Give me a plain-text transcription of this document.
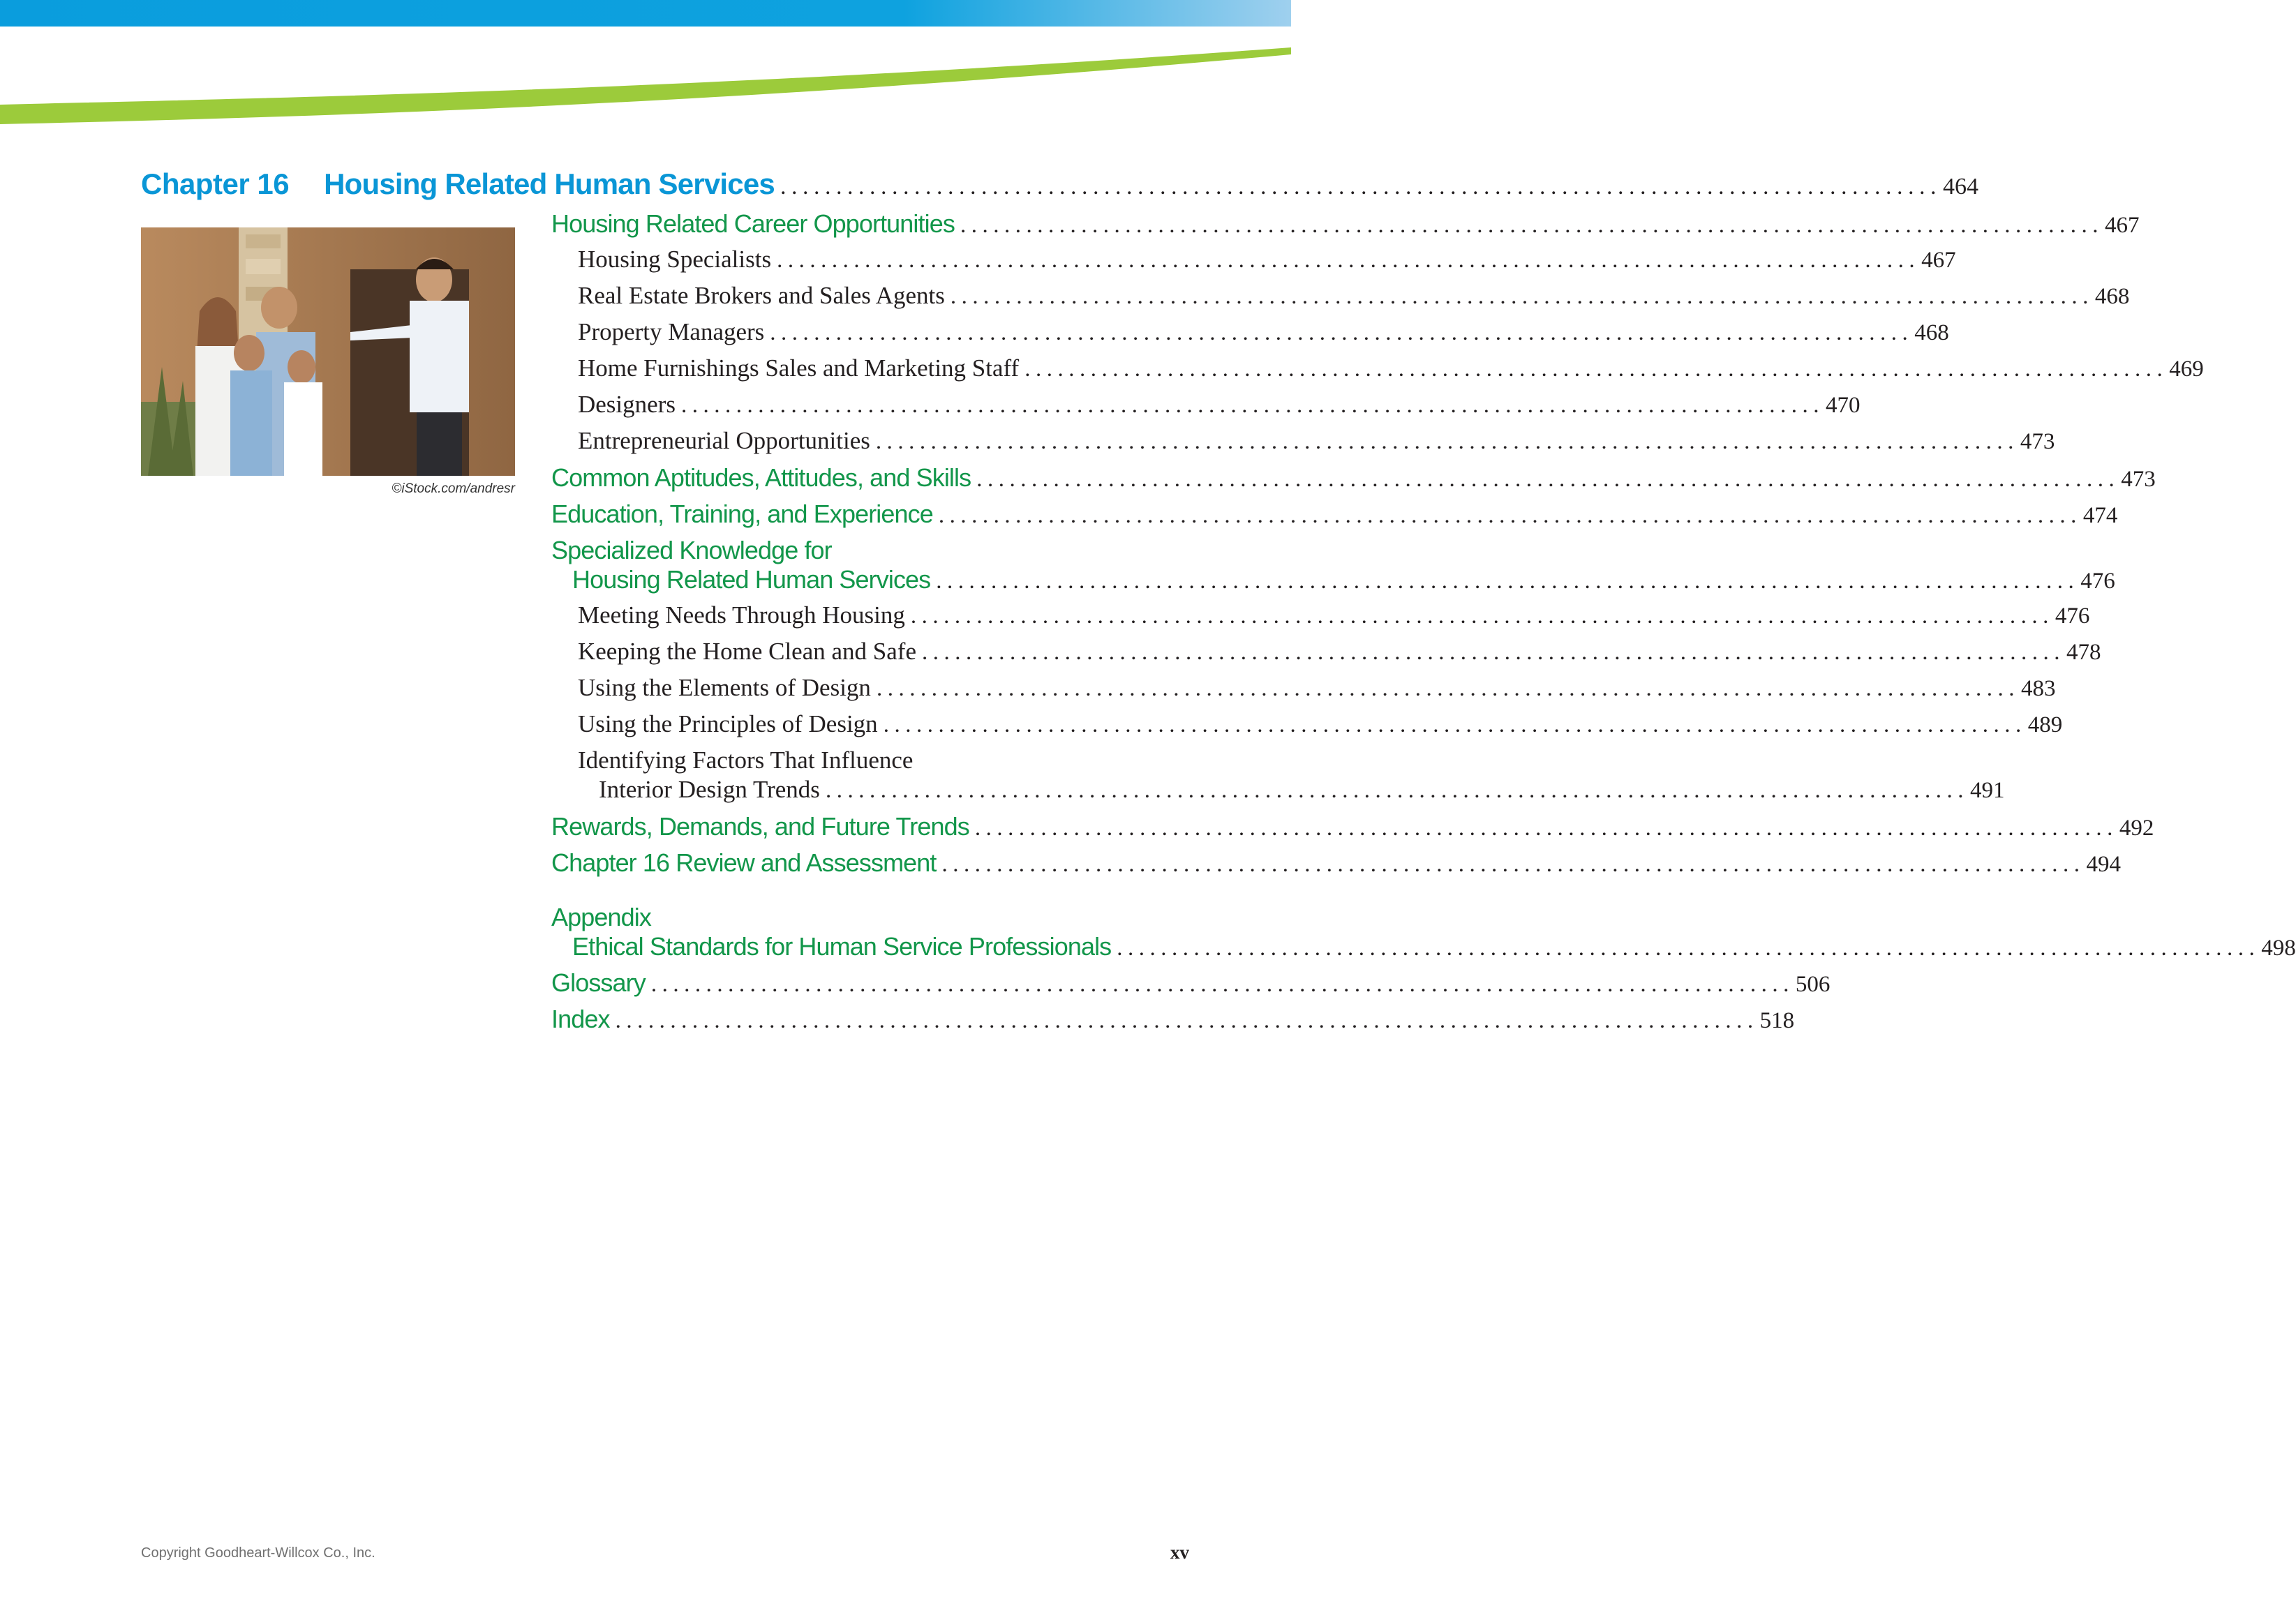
Chapter 16 Housing Related Human Services ........................................................................................................ 464
©iStock.com/andresr
Housing Related Career Opportunities ........................................................................................................ 467
Housing Specialists ........................................................................................................ 467
Real Estate Brokers and Sales Agents ........................................................................................................ 468
Property Managers ........................................................................................................ 468
Home Furnishings Sales and Marketing Staff ........................................................................................................ 469
Designers ........................................................................................................ 470
Entrepreneurial Opportunities ........................................................................................................ 473
Common Aptitudes, Attitudes, and Skills ........................................................................................................ 473
Education, Training, and Experience ........................................................................................................ 474
Specialized Knowledge for
Housing Related Human Services ........................................................................................................ 476
Meeting Needs Through Housing ........................................................................................................ 476
Keeping the Home Clean and Safe ........................................................................................................ 478
Using the Elements of Design ........................................................................................................ 483
Using the Principles of Design ........................................................................................................ 489
Identifying Factors That Influence
Interior Design Trends ........................................................................................................ 491
Rewards, Demands, and Future Trends ........................................................................................................ 492
Chapter 16 Review and Assessment ........................................................................................................ 494
Appendix
Ethical Standards for Human Service Professionals ........................................................................................................ 498
Glossary ........................................................................................................ 506
Index ........................................................................................................ 518
Copyright Goodheart-Willcox Co., Inc.	xv
